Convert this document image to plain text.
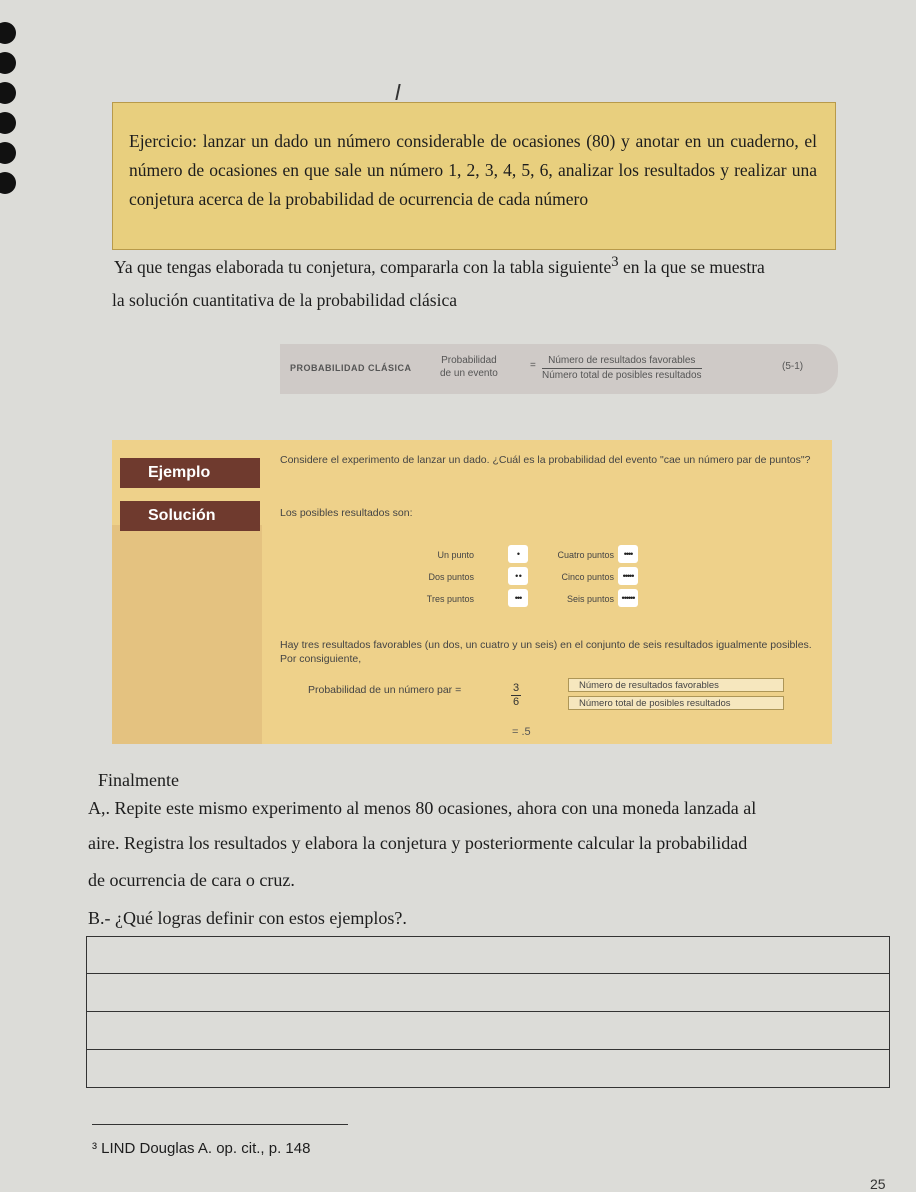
Ejercicio: lanzar un dado un número considerable de ocasiones (80) y anotar en un cuaderno, el número de ocasiones en que sale un número 1, 2, 3, 4, 5, 6, analizar los resultados y realizar una conjetura acerca de la probabilidad de ocurrencia de cada número
Ya que tengas elaborada tu conjetura, compararla con la tabla siguiente$^3$ en la que se muestra
la solución cuantitativa de la probabilidad clásica
PROBABILIDAD CLÁSICA
Probabilidad
de un evento
=	Número de resultados favorables
Número total de posibles resultados
(5-1)
Ejemplo
Considere el experimento de lanzar un dado. ¿Cuál es la probabilidad del evento "cae un número par de puntos"?
Solución	Los posibles resultados son:
Un punto	•
Dos puntos	• •
Tres puntos	•••
Cuatro puntos	••••
Cinco puntos •••••
Seis puntos ••••••
Hay tres resultados favorables (un dos, un cuatro y un seis) en el conjunto de seis resultados igualmente posibles. Por consiguiente,
Probabilidad de un número par =	$\frac{3}{6}$	Número de resultados favorables
Número total de posibles resultados
= .5
Finalmente
A,. Repite este mismo experimento al menos 80 ocasiones, ahora con una moneda lanzada al
aire. Registra los resultados y elabora la conjetura y posteriormente calcular la probabilidad
de ocurrencia de cara o cruz.
B.- ¿Qué logras definir con estos ejemplos?.
³ LIND Douglas A. op. cit., p. 148
25
